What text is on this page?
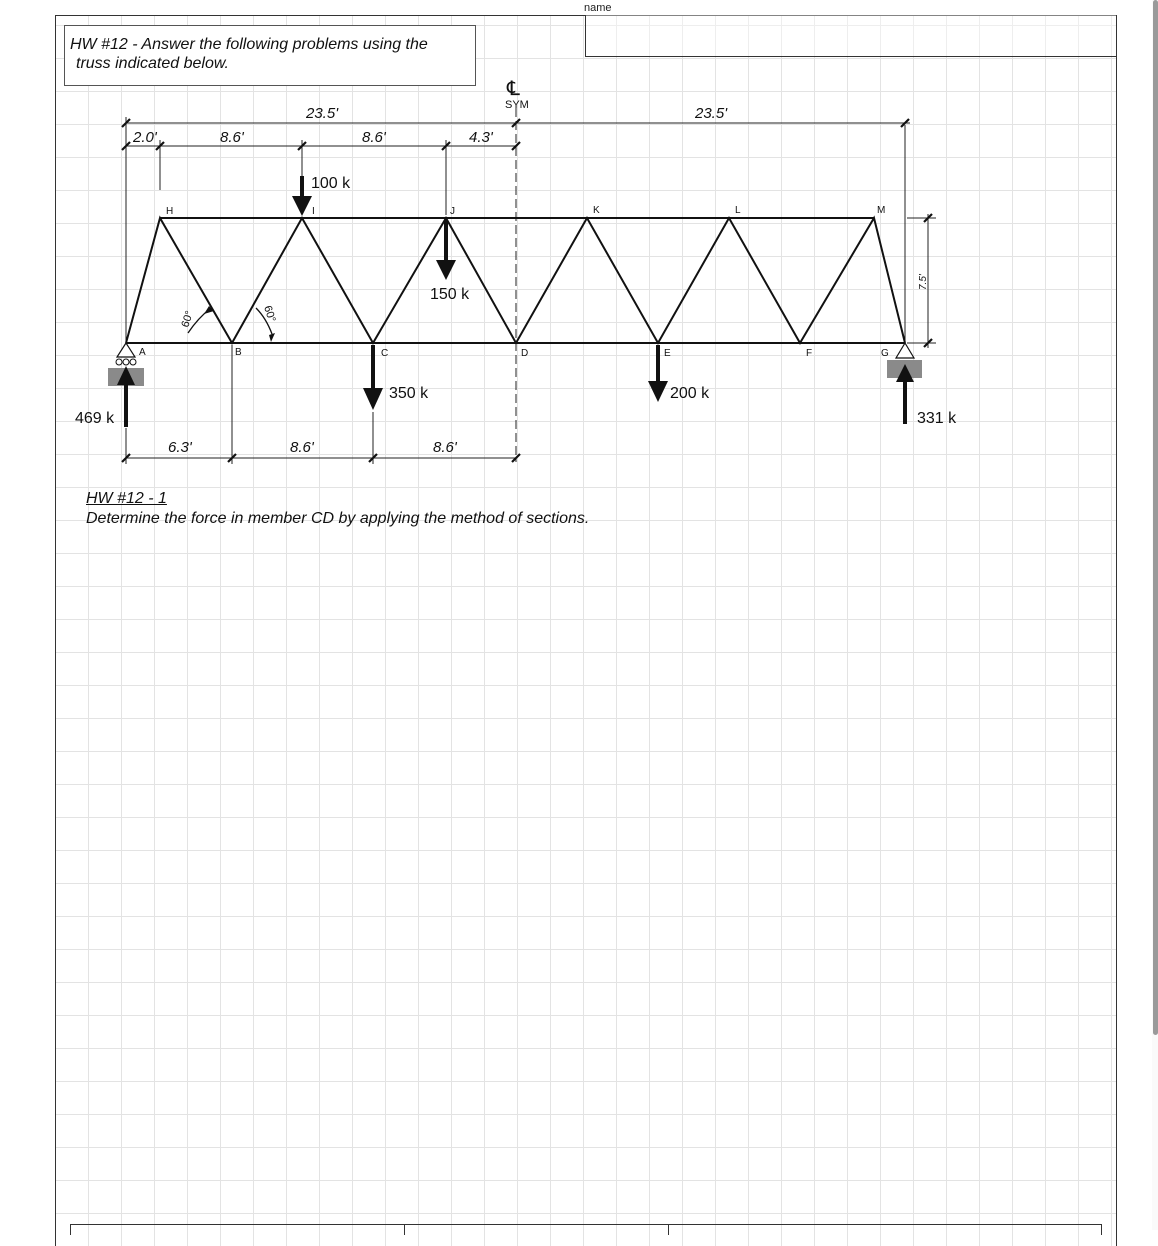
name
HW #12 - Answer the following problems using the
truss indicated below.
23.5'	23.5'
2.0'	8.6'	8.6'	4.3'
6.3'	8.6'	8.6'
7.5'
℄
SYM
60°	60°
H	I	J	K	L	M
A	B	C	D	E	F	G
100 k
150 k
350 k	200 k
469 k	331 k
HW #12 - 1
Determine the force in member CD by applying the method of sections.
